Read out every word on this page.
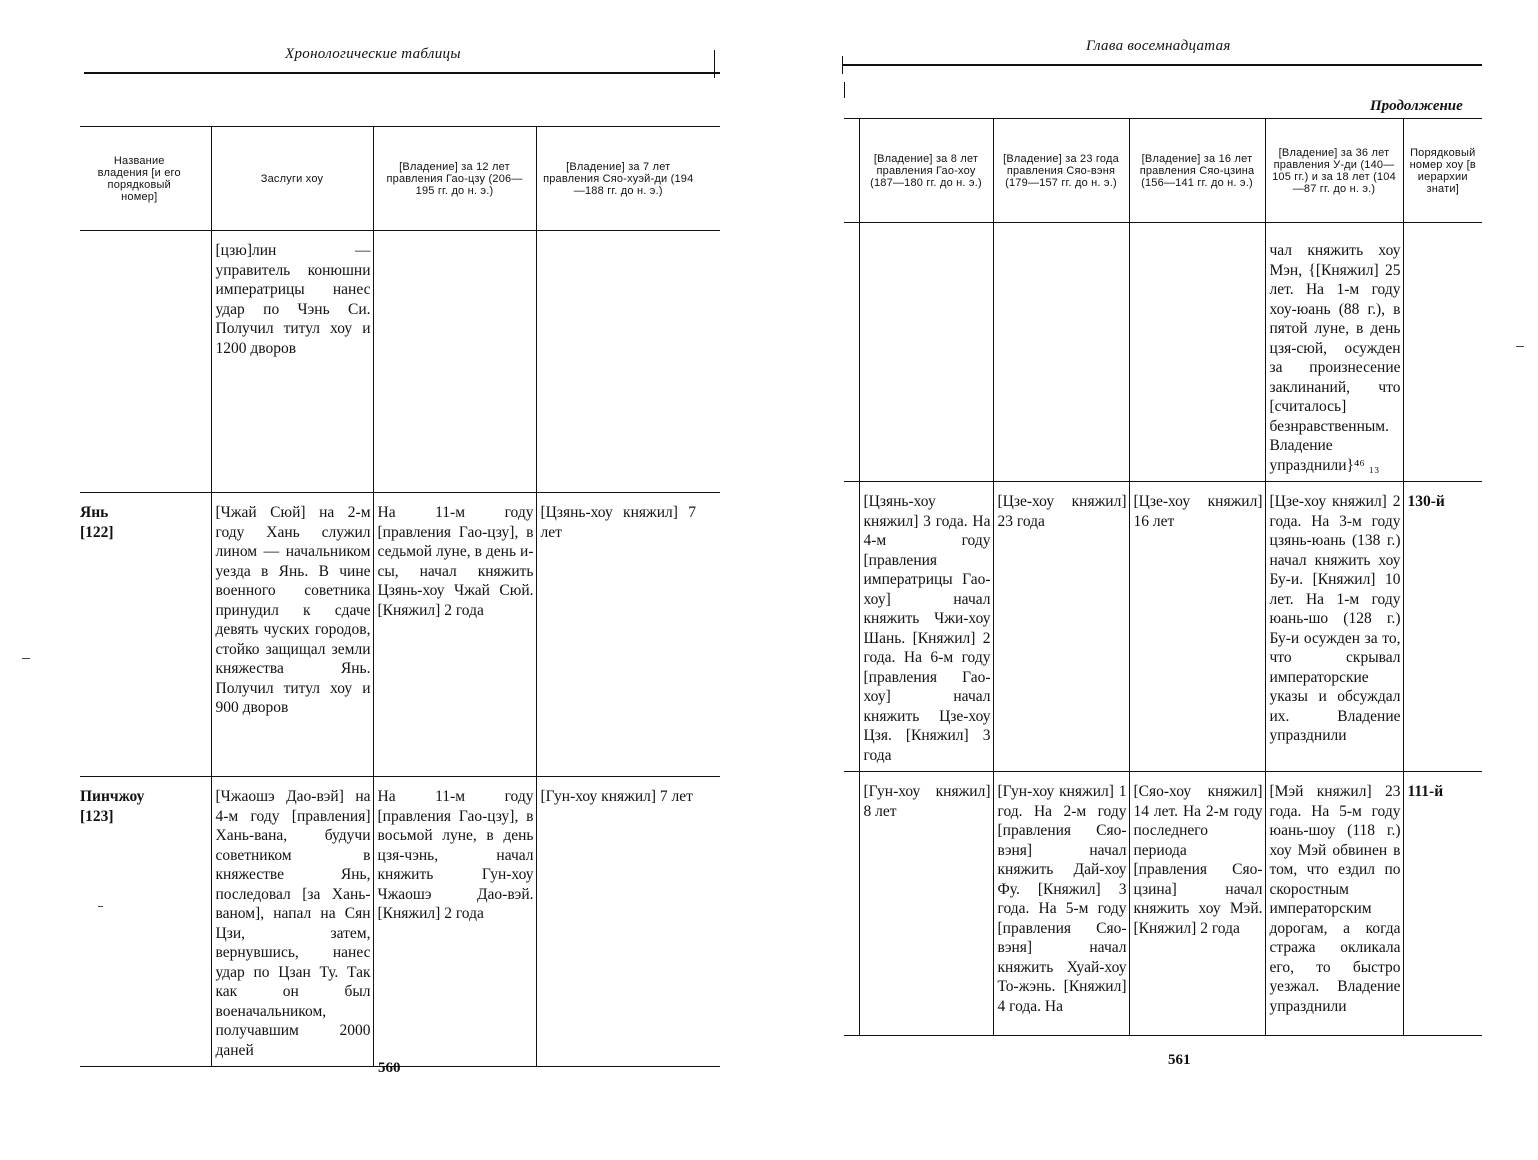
Хронологические таблицы
Название владения [и его порядковый номер]	Заслуги хоу	[Владение] за 12 лет правления Гао-цзу (206—195 гг. до н. э.)	[Владение] за 7 лет правления Сяо-хуэй-ди (194—188 гг. до н. э.)

	[цзю]лин — управитель конюшни императрицы нанес удар по Чэнь Си. Получил титул хоу и 1200 дворов		

Янь [122]	[Чжай Сюй] на 2-м году Хань служил лином — начальником уезда в Янь. В чине военного советника принудил к сдаче девять чуских городов, стойко защищал земли княжества Янь. Получил титул хоу и 900 дворов	На 11-м году [правления Гао-цзу], в седьмой луне, в день и-сы, начал княжить Цзянь-хоу Чжай Сюй. [Княжил] 2 года	[Цзянь-хоу княжил] 7 лет

Пинчжоу [123]	[Чжаошэ Дао-вэй] на 4-м году [правления] Хань-вана, будучи советником в княжестве Янь, последовал [за Хань-ваном], напал на Сян Цзи, затем, вернувшись, нанес удар по Цзан Ту. Так как он был военачальником, получавшим 2000 даней	На 11-м году [правления Гао-цзу], в восьмой луне, в день цзя-чэнь, начал княжить Гун-хоу Чжаошэ Дао-вэй. [Княжил] 2 года	[Гун-хоу княжил] 7 лет
560
Глава восемнадцатая
Продолжение
	[Владение] за 8 лет правления Гао-хоу (187—180 гг. до н. э.)	[Владение] за 23 года правления Сяо-вэня (179—157 гг. до н. э.)	[Владение] за 16 лет правления Сяо-цзина (156—141 гг. до н. э.)	[Владение] за 36 лет правления У-ди (140—105 гг.) и за 18 лет (104—87 гг. до н. э.)	Порядковый номер хоу [в иерархии знати]

				чал княжить хоу Мэн, {[Княжил] 25 лет. На 1-м году хоу-юань (88 г.), в пятой луне, в день цзя-сюй, осужден за произнесение заклинаний, что [считалось] безнравственным. Владение упразднили}⁴⁶ ₁₃	

	[Цзянь-хоу княжил] 3 года. На 4-м году [правления императрицы Гао-хоу] начал княжить Чжи-хоу Шань. [Княжил] 2 года. На 6-м году [правления Гао-хоу] начал княжить Цзе-хоу Цзя. [Княжил] 3 года	[Цзе-хоу княжил] 23 года	[Цзе-хоу княжил] 16 лет	[Цзе-хоу княжил] 2 года. На 3-м году цзянь-юань (138 г.) начал княжить хоу Бу-и. [Княжил] 10 лет. На 1-м году юань-шо (128 г.) Бу-и осужден за то, что скрывал императорские указы и обсуждал их. Владение упразднили	130-й

	[Гун-хоу княжил] 8 лет	[Гун-хоу княжил] 1 год. На 2-м году [правления Сяо-вэня] начал княжить Дай-хоу Фу. [Княжил] 3 года. На 5-м году [правления Сяо-вэня] начал княжить Хуай-хоу То-жэнь. [Княжил] 4 года. На	[Сяо-хоу княжил] 14 лет. На 2-м году последнего периода [правления Сяо-цзина] начал княжить хоу Мэй. [Княжил] 2 года	[Мэй княжил] 23 года. На 5-м году юань-шоу (118 г.) хоу Мэй обвинен в том, что ездил по скоростным императорским дорогам, а когда стража окликала его, то быстро уезжал. Владение упразднили	111-й
561
